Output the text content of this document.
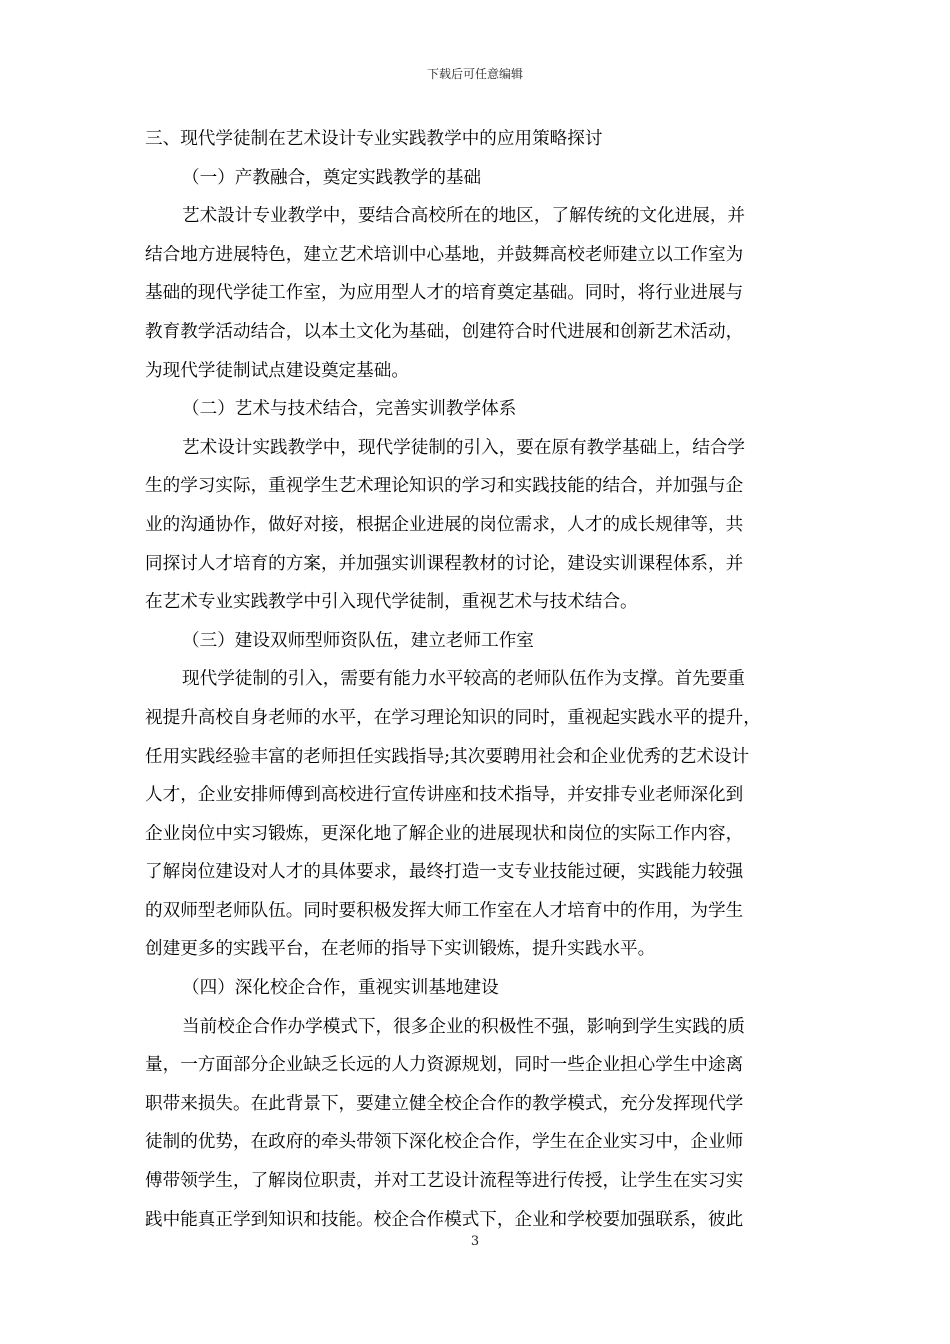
下载后可任意编辑
三、现代学徒制在艺术设计专业实践教学中的应用策略探讨
（一）产教融合，奠定实践教学的基础
艺术設计专业教学中，要结合高校所在的地区，了解传统的文化进展，并
结合地方进展特色，建立艺术培训中心基地，并鼓舞高校老师建立以工作室为
基础的现代学徒工作室，为应用型人才的培育奠定基础。同时，将行业进展与
教育教学活动结合，以本土文化为基础，创建符合时代进展和创新艺术活动，
为现代学徒制试点建设奠定基础。
（二）艺术与技术结合，完善实训教学体系
艺术设计实践教学中，现代学徒制的引入，要在原有教学基础上，结合学
生的学习实际，重视学生艺术理论知识的学习和实践技能的结合，并加强与企
业的沟通协作，做好对接，根据企业进展的岗位需求，人才的成长规律等，共
同探讨人才培育的方案，并加强实训课程教材的讨论，建设实训课程体系，并
在艺术专业实践教学中引入现代学徒制，重视艺术与技术结合。
（三）建设双师型师资队伍，建立老师工作室
现代学徒制的引入，需要有能力水平较高的老师队伍作为支撑。首先要重
视提升高校自身老师的水平，在学习理论知识的同时，重视起实践水平的提升，
任用实践经验丰富的老师担任实践指导;其次要聘用社会和企业优秀的艺术设计
人才，企业安排师傅到高校进行宣传讲座和技术指导，并安排专业老师深化到
企业岗位中实习锻炼，更深化地了解企业的进展现状和岗位的实际工作内容，
了解岗位建设对人才的具体要求，最终打造一支专业技能过硬，实践能力较强
的双师型老师队伍。同时要积极发挥大师工作室在人才培育中的作用，为学生
创建更多的实践平台，在老师的指导下实训锻炼，提升实践水平。
（四）深化校企合作，重视实训基地建设
当前校企合作办学模式下，很多企业的积极性不强，影响到学生实践的质
量，一方面部分企业缺乏长远的人力资源规划，同时一些企业担心学生中途离
职带来损失。在此背景下，要建立健全校企合作的教学模式，充分发挥现代学
徒制的优势，在政府的牵头带领下深化校企合作，学生在企业实习中，企业师
傅带领学生，了解岗位职责，并对工艺设计流程等进行传授，让学生在实习实
践中能真正学到知识和技能。校企合作模式下，企业和学校要加强联系，彼此
3
